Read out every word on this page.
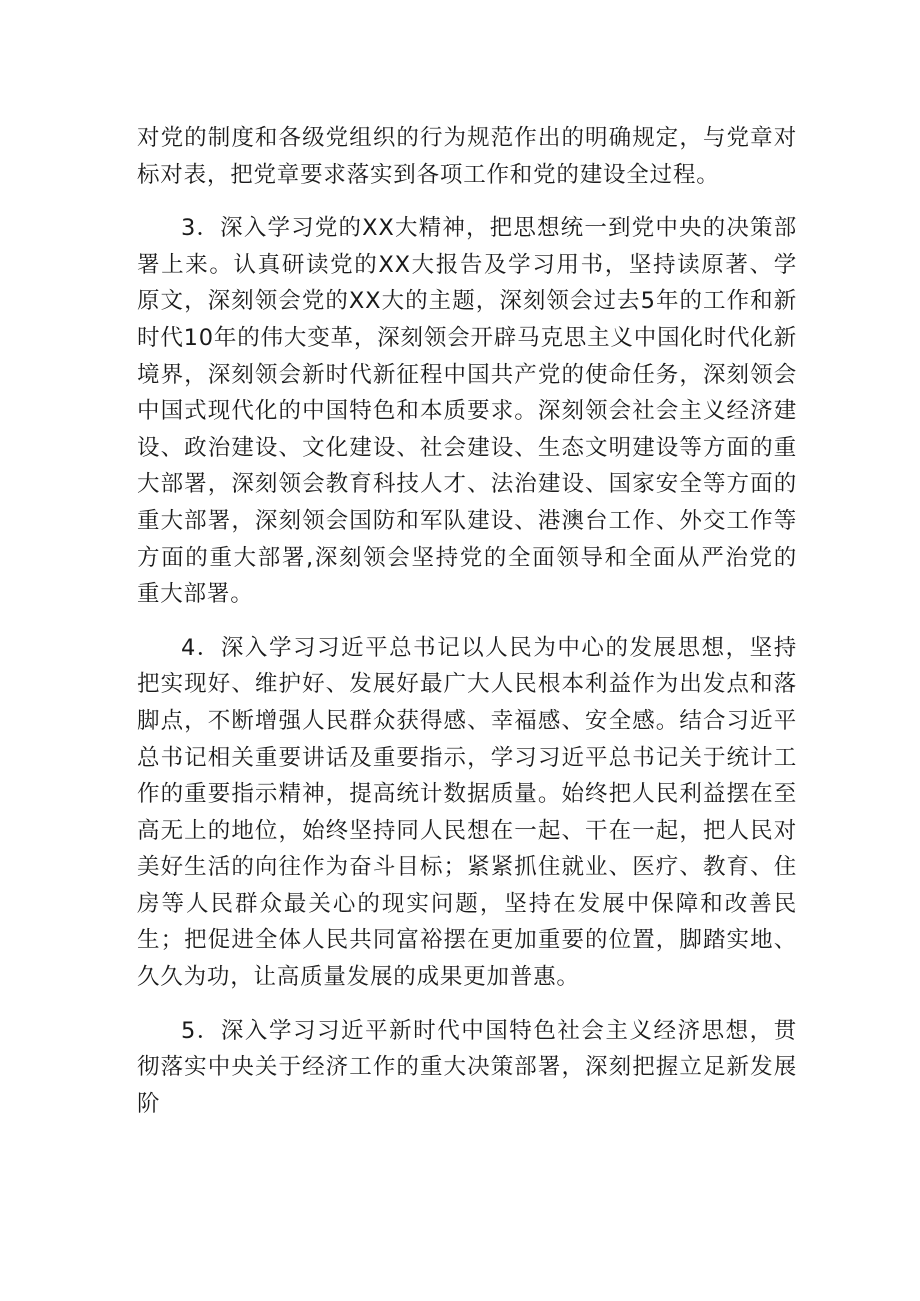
对党的制度和各级党组织的行为规范作出的明确规定，与党章对标对表，把党章要求落实到各项工作和党的建设全过程。

3．深入学习党的XX大精神，把思想统一到党中央的决策部署上来。认真研读党的XX大报告及学习用书，坚持读原著、学原文，深刻领会党的XX大的主题，深刻领会过去5年的工作和新时代10年的伟大变革，深刻领会开辟马克思主义中国化时代化新境界，深刻领会新时代新征程中国共产党的使命任务，深刻领会中国式现代化的中国特色和本质要求。深刻领会社会主义经济建设、政治建设、文化建设、社会建设、生态文明建设等方面的重大部署，深刻领会教育科技人才、法治建设、国家安全等方面的重大部署，深刻领会国防和军队建设、港澳台工作、外交工作等方面的重大部署,深刻领会坚持党的全面领导和全面从严治党的重大部署。

4．深入学习习近平总书记以人民为中心的发展思想，坚持把实现好、维护好、发展好最广大人民根本利益作为出发点和落脚点，不断增强人民群众获得感、幸福感、安全感。结合习近平总书记相关重要讲话及重要指示，学习习近平总书记关于统计工作的重要指示精神，提高统计数据质量。始终把人民利益摆在至高无上的地位，始终坚持同人民想在一起、干在一起，把人民对美好生活的向往作为奋斗目标；紧紧抓住就业、医疗、教育、住房等人民群众最关心的现实问题，坚持在发展中保障和改善民生；把促进全体人民共同富裕摆在更加重要的位置，脚踏实地、久久为功，让高质量发展的成果更加普惠。

5．深入学习习近平新时代中国特色社会主义经济思想，贯彻落实中央关于经济工作的重大决策部署，深刻把握立足新发展阶
